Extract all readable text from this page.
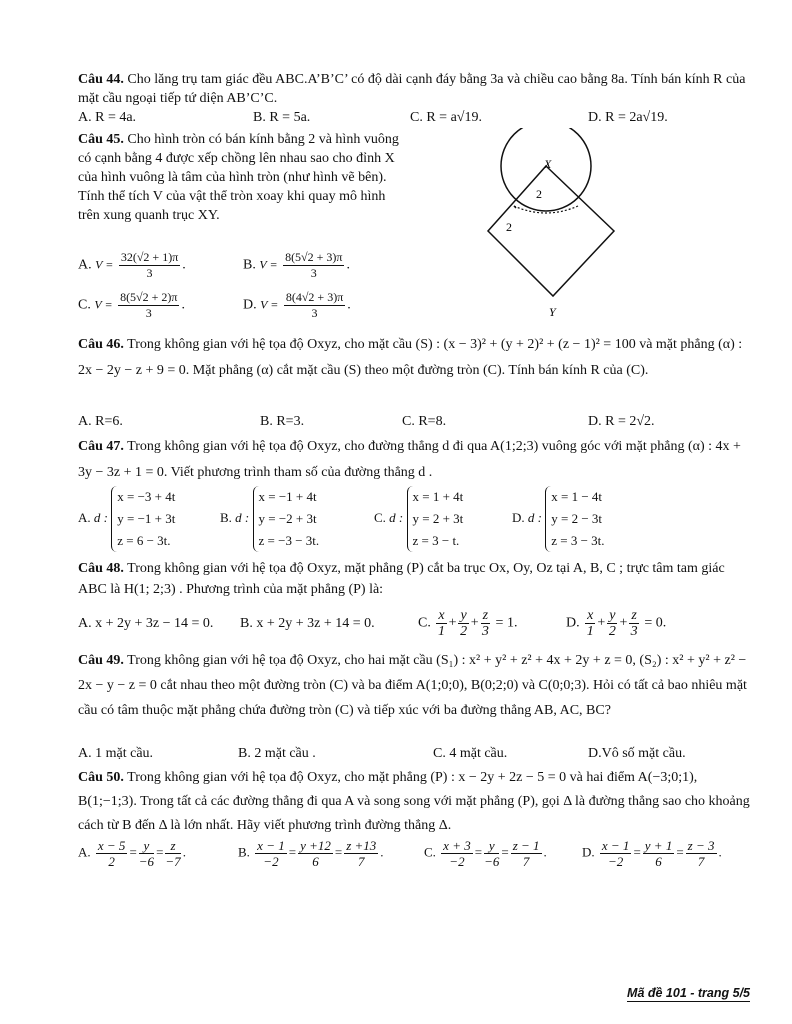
Câu 44. Cho lăng trụ tam giác đều ABC.A’B’C’ có độ dài cạnh đáy bằng 3a và chiều cao bằng 8a. Tính bán kính R của mặt cầu ngoại tiếp tứ diện AB’C’C.
A. R = 4a.	B. R = 5a.	C. R = a√19.	D. R = 2a√19.
Câu 45. Cho hình tròn có bán kính bằng 2 và hình vuông có cạnh bằng 4 được xếp chồng lên nhau sao cho đỉnh X của hình vuông là tâm của hình tròn (như hình vẽ bên).
Tính thể tích V của vật thể tròn xoay khi quay mô hình trên xung quanh trục XY.
X
2
2
Y
A. $V = \frac{32(√2 + 1)\pi}{3}$ .	B. $V = \frac{8(5√2 + 3)\pi}{3}$ .
C. $V = \frac{8(5√2 + 2)\pi}{3}$ .	D. $V = \frac{8(4√2 + 3)\pi}{3}$ .
Câu 46. Trong không gian với hệ tọa độ Oxyz, cho mặt cầu (S) : (x − 3)² + (y + 2)² + (z − 1)² = 100 và mặt phẳng (α) : 2x − 2y − z + 9 = 0. Mặt phẳng (α) cắt mặt cầu (S) theo một đường tròn (C). Tính bán kính R của (C).
A. R=6.	B. R=3.	C. R=8.	D. R = 2√2.
Câu 47. Trong không gian với hệ tọa độ Oxyz, cho đường thẳng d đi qua A(1;2;3) vuông góc với mặt phẳng (α) : 4x + 3y − 3z + 1 = 0. Viết phương trình tham số của đường thẳng d .
A. d :
x = −3 + 4t
y = −1 + 3t
z = 6 − 3t.
B. d :
x = −1 + 4t
y = −2 + 3t
z = −3 − 3t.
C. d :
x = 1 + 4t
y = 2 + 3t
z = 3 − t.
D. d :
x = 1 − 4t
y = 2 − 3t
z = 3 − 3t.
Câu 48. Trong không gian với hệ tọa độ Oxyz, mặt phẳng (P) cắt ba trục Ox, Oy, Oz tại A, B, C ; trực tâm tam giác ABC là H(1; 2;3) . Phương trình của mặt phẳng (P) là:
A. x + 2y + 3z − 14 = 0. B. x + 2y + 3z + 14 = 0.	C. $\frac{x}{1} + \frac{y}{2} + \frac{z}{3} = 1$.	D. $\frac{x}{1} + \frac{y}{2} + \frac{z}{3} = 0$.
Câu 49. Trong không gian với hệ tọa độ Oxyz, cho hai mặt cầu (S₁) : x² + y² + z² + 4x + 2y + z = 0, (S₂) : x² + y² + z² − 2x − y − z = 0 cắt nhau theo một đường tròn (C) và ba điểm A(1;0;0), B(0;2;0) và C(0;0;3). Hỏi có tất cả bao nhiêu mặt cầu có tâm thuộc mặt phẳng chứa đường tròn (C) và tiếp xúc với ba đường thẳng AB, AC, BC?
A. 1 mặt cầu.	B. 2 mặt cầu .	C. 4 mặt cầu.	D.Vô số mặt cầu.
Câu 50. Trong không gian với hệ tọa độ Oxyz, cho mặt phẳng (P) : x − 2y + 2z − 5 = 0 và hai điểm A(−3;0;1), B(1;−1;3). Trong tất cả các đường thẳng đi qua A và song song với mặt phẳng (P), gọi Δ là đường thẳng sao cho khoảng cách từ B đến Δ là lớn nhất. Hãy viết phương trình đường thẳng Δ.
A. $\frac{x - 5}{2} = \frac{y}{-6} = \frac{z}{-7}$ .	B. $\frac{x - 1}{-2} = \frac{y +12}{6} = \frac{z +13}{7}$ .	C. $\frac{x + 3}{-2} = \frac{y}{-6} = \frac{z - 1}{7}$ .	D. $\frac{x - 1}{-2} = \frac{y + 1}{6} = \frac{z - 3}{7}$ .
Mã đề 101 - trang 5/5
